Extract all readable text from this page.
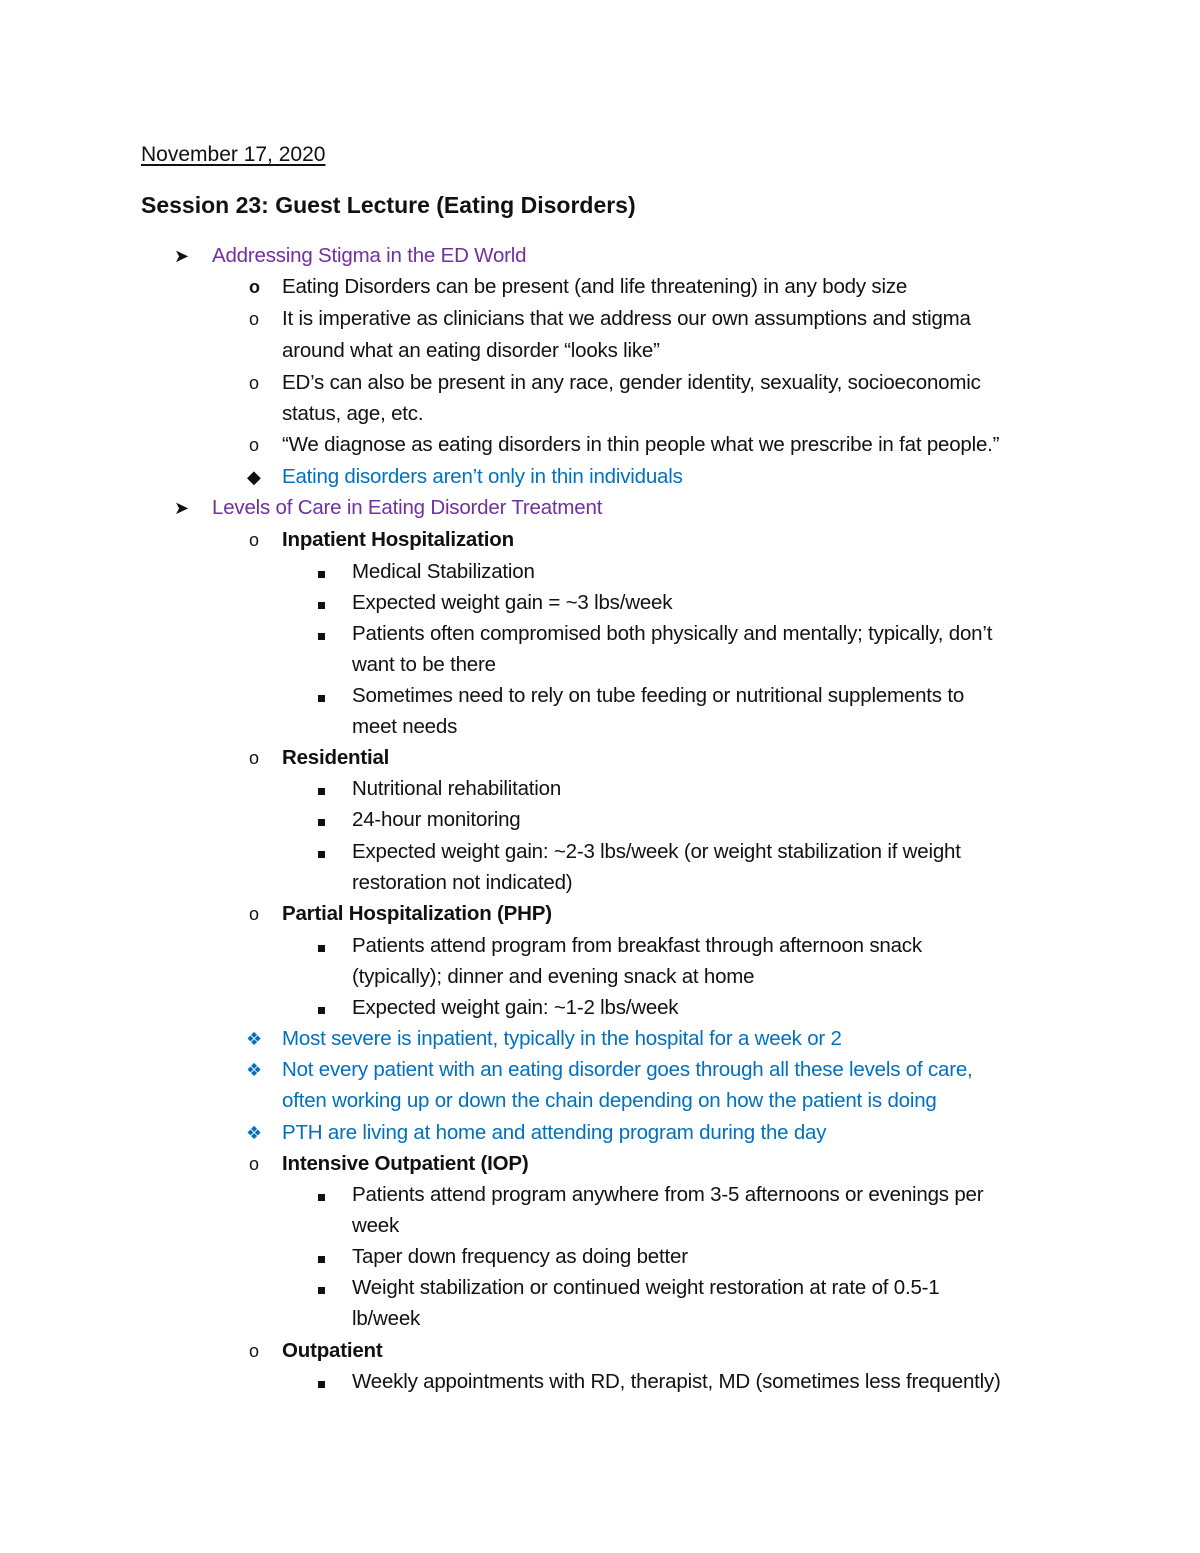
November 17, 2020
Session 23: Guest Lecture (Eating Disorders)
➤ Addressing Stigma in the ED World
o Eating Disorders can be present (and life threatening) in any body size
o It is imperative as clinicians that we address our own assumptions and stigma
around what an eating disorder “looks like”
o ED’s can also be present in any race, gender identity, sexuality, socioeconomic
status, age, etc.
o “We diagnose as eating disorders in thin people what we prescribe in fat people.”
◆ Eating disorders aren’t only in thin individuals
➤ Levels of Care in Eating Disorder Treatment
o Inpatient Hospitalization
Medical Stabilization
Expected weight gain = ~3 lbs/week
Patients often compromised both physically and mentally; typically, don’t
want to be there
Sometimes need to rely on tube feeding or nutritional supplements to
meet needs
o Residential
Nutritional rehabilitation
24-hour monitoring
Expected weight gain: ~2-3 lbs/week (or weight stabilization if weight
restoration not indicated)
o Partial Hospitalization (PHP)
Patients attend program from breakfast through afternoon snack
(typically); dinner and evening snack at home
Expected weight gain: ~1-2 lbs/week
❖ Most severe is inpatient, typically in the hospital for a week or 2
❖ Not every patient with an eating disorder goes through all these levels of care,
often working up or down the chain depending on how the patient is doing
❖ PTH are living at home and attending program during the day
o Intensive Outpatient (IOP)
Patients attend program anywhere from 3-5 afternoons or evenings per
week
Taper down frequency as doing better
Weight stabilization or continued weight restoration at rate of 0.5-1
lb/week
o Outpatient
Weekly appointments with RD, therapist, MD (sometimes less frequently)
